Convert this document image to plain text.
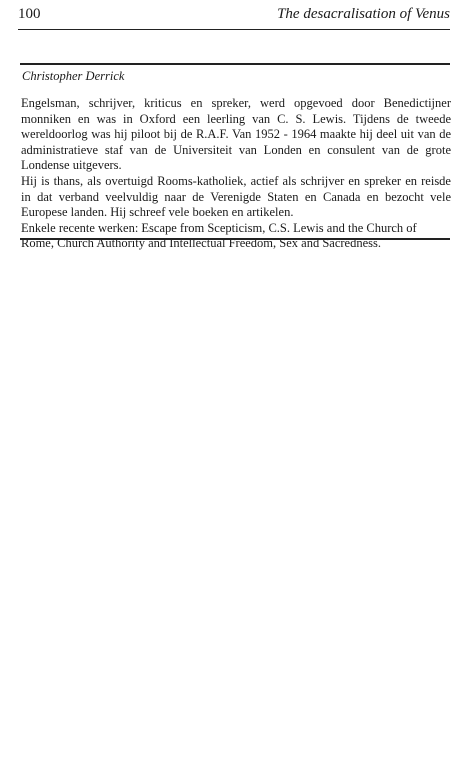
100	The desacralisation of Venus
Christopher Derrick

Engelsman, schrijver, kriticus en spreker, werd opgevoed door Benedictijner monniken en was in Oxford een leerling van C. S. Lewis. Tijdens de tweede wereldoorlog was hij piloot bij de R.A.F. Van 1952 - 1964 maakte hij deel uit van de administratieve staf van de Universiteit van Londen en consulent van de grote Londense uitgevers.

Hij is thans, als overtuigd Rooms-katholiek, actief als schrijver en spreker en reisde in dat verband veelvuldig naar de Verenigde Staten en Canada en bezocht vele Europese landen. Hij schreef vele boeken en artikelen.

Enkele recente werken: Escape from Scepticism, C.S. Lewis and the Church of Rome, Church Authority and Intellectual Freedom, Sex and Sacredness.
